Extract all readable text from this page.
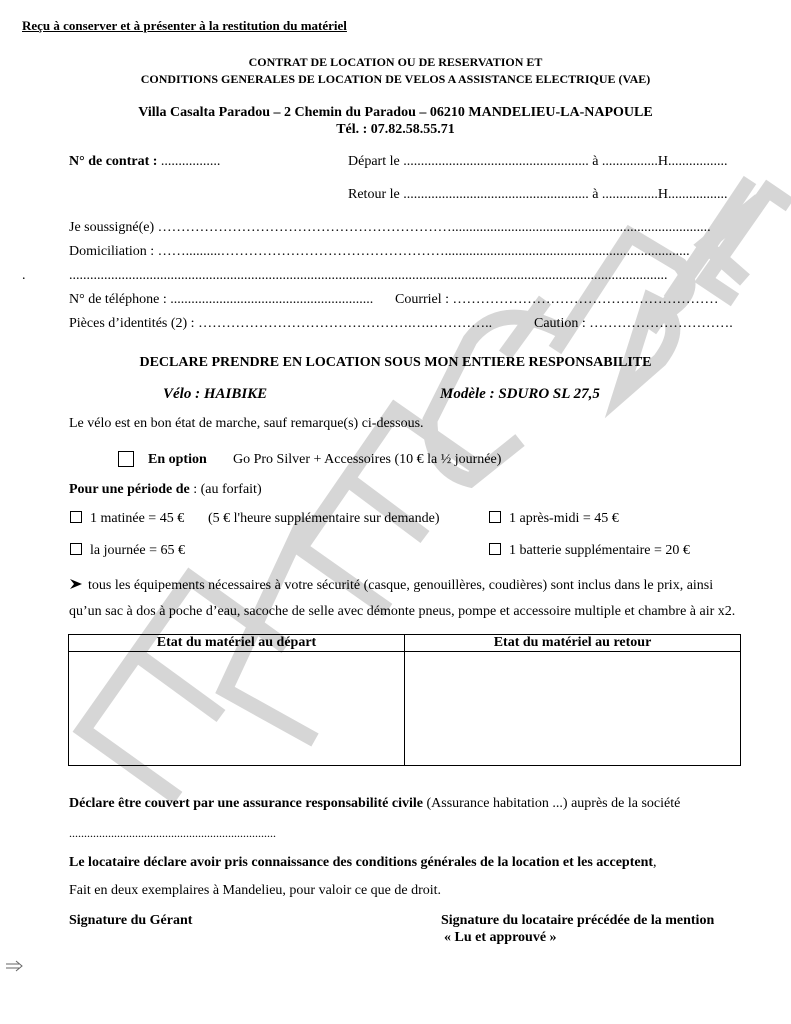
Reçu à conserver et à présenter à la restitution du matériel
CONTRAT DE LOCATION OU DE RESERVATION ET
CONDITIONS GENERALES DE LOCATION DE VELOS A ASSISTANCE ELECTRIQUE (VAE)
Villa Casalta Paradou – 2 Chemin du Paradou – 06210 MANDELIEU-LA-NAPOULE
Tél. : 07.82.58.55.71
N° de contrat : .................	Départ le ..................................................... à ................H.................
Retour le ..................................................... à ................H.................
Je soussigné(e) ………………………………………………………..........................................................................
Domiciliation : ……..........…………………………………………......................................................................
.	...........................................................................................................................................................................
N° de téléphone : .......................................................... Courriel : …………………………………………………
Pièces d’identités (2) : ……………………………………….….…………..	Caution : ………………………….
DECLARE PRENDRE EN LOCATION SOUS MON ENTIERE RESPONSABILITE
Vélo : HAIBIKE	Modèle : SDURO SL 27,5
Le vélo est en bon état de marche, sauf remarque(s) ci-dessous.
En option Go Pro Silver + Accessoires (10 € la ½ journée)
Pour une période de : (au forfait)
1 matinée = 45 € (5 € l'heure supplémentaire sur demande)	1 après-midi = 45 €
la journée = 65 €	1 batterie supplémentaire = 20 €
tous les équipements nécessaires à votre sécurité (casque, genouillères, coudières) sont inclus dans le prix, ainsi
qu’un sac à dos à poche d’eau, sacoche de selle avec démonte pneus, pompe et accessoire multiple et chambre à air x2.
Etat du matériel au départ	Etat du matériel au retour

Déclare être couvert par une assurance responsabilité civile (Assurance habitation ...) auprès de la société
.....................................................................
Le locataire déclare avoir pris connaissance des conditions générales de la location et les acceptent,
Fait en deux exemplaires à Mandelieu, pour valoir ce que de droit.
Signature du Gérant	Signature du locataire précédée de la mention
« Lu et approuvé »
